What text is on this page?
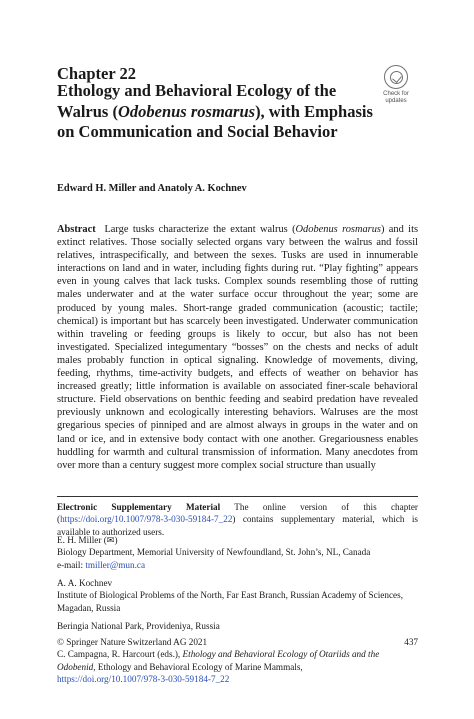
Chapter 22
Ethology and Behavioral Ecology of the Walrus (Odobenus rosmarus), with Emphasis on Communication and Social Behavior
Check for
updates
Edward H. Miller and Anatoly A. Kochnev
Abstract Large tusks characterize the extant walrus (Odobenus rosmarus) and its extinct relatives. Those socially selected organs vary between the walrus and fossil relatives, intraspecifically, and between the sexes. Tusks are used in innumerable interactions on land and in water, including fights during rut. “Play fighting” appears even in young calves that lack tusks. Complex sounds resembling those of rutting males underwater and at the water surface occur throughout the year; some are produced by young males. Short-range graded communication (acoustic; tactile; chemical) is important but has scarcely been investigated. Underwater communication within traveling or feeding groups is likely to occur, but also has not been investigated. Specialized integumentary “bosses” on the chests and necks of adult males probably function in optical signaling. Knowledge of movements, diving, feeding, rhythms, time-activity budgets, and effects of weather on behavior has increased greatly; little information is available on associated finer-scale behavioral structure. Field observations on benthic feeding and seabird predation have revealed previously unknown and ecologically interesting behaviors. Walruses are the most gregarious species of pinniped and are almost always in groups in the water and on land or ice, and in extensive body contact with one another. Gregariousness enables huddling for warmth and cultural transmission of information. Many anecdotes from over more than a century suggest more complex social structure than usually
Electronic Supplementary Material The online version of this chapter (https://doi.org/10.1007/978-3-030-59184-7_22) contains supplementary material, which is available to authorized users.
E. H. Miller (✉)
Biology Department, Memorial University of Newfoundland, St. John’s, NL, Canada
e-mail: tmiller@mun.ca
A. A. Kochnev
Institute of Biological Problems of the North, Far East Branch, Russian Academy of Sciences, Magadan, Russia
Beringia National Park, Provideniya, Russia
© Springer Nature Switzerland AG 2021
C. Campagna, R. Harcourt (eds.), Ethology and Behavioral Ecology of Otariids and the Odobenid, Ethology and Behavioral Ecology of Marine Mammals,
https://doi.org/10.1007/978-3-030-59184-7_22
437
